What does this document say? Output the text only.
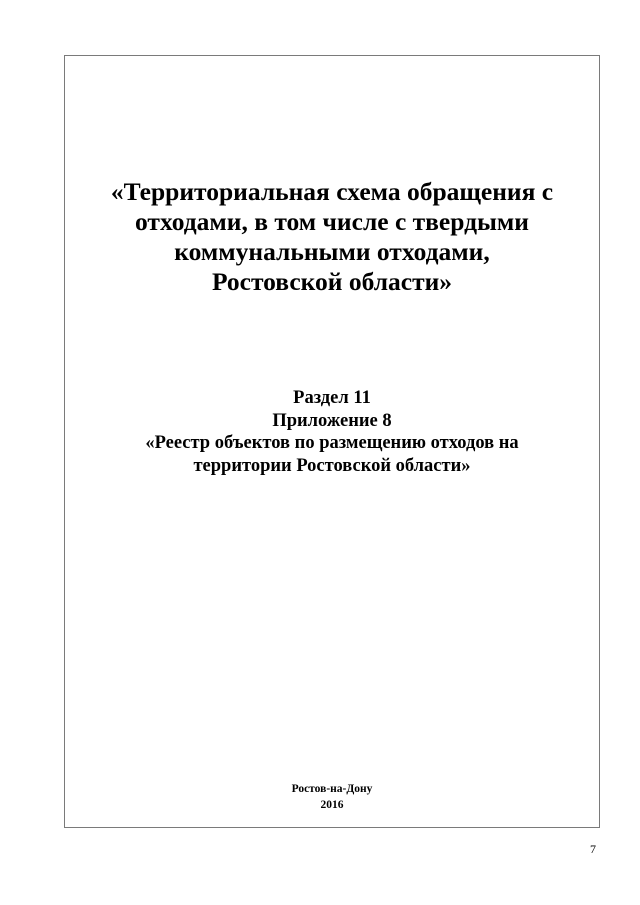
«Территориальная схема обращения с
отходами, в том числе с твердыми
коммунальными отходами,
Ростовской области»
Раздел 11
Приложение 8
«Реестр объектов по размещению отходов на
территории Ростовской области»
Ростов-на-Дону
2016
7
